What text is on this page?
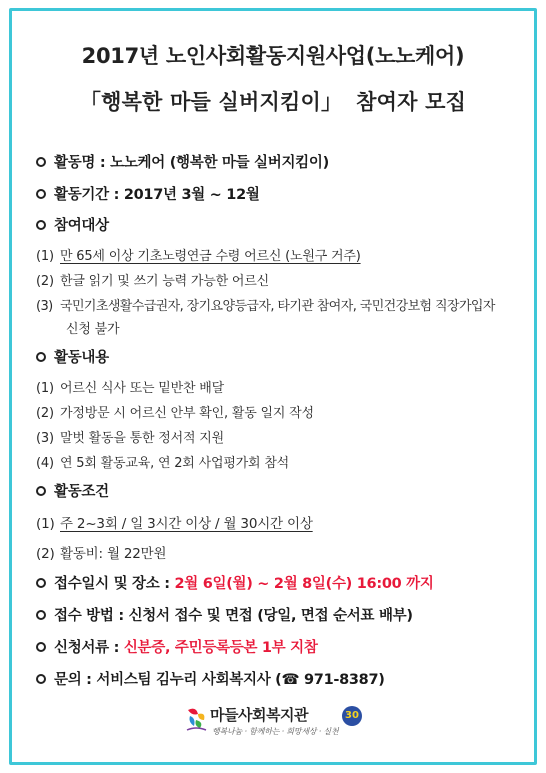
2017년 노인사회활동지원사업(노노케어)
「행복한 마들 실버지킴이」 참여자 모집
활동명 : 노노케어 (행복한 마들 실버지킴이)
활동기간 : 2017년 3월 ~ 12월
참여대상
(1) 만 65세 이상 기초노령연금 수령 어르신 (노원구 거주)
(2) 한글 읽기 및 쓰기 능력 가능한 어르신
(3) 국민기초생활수급권자, 장기요양등급자, 타기관 참여자, 국민건강보험 직장가입자
신청 불가
활동내용
(1) 어르신 식사 또는 밑반찬 배달
(2) 가정방문 시 어르신 안부 확인, 활동 일지 작성
(3) 말벗 활동을 통한 정서적 지원
(4) 연 5회 활동교육, 연 2회 사업평가회 참석
활동조건
(1) 주 2~3회 / 일 3시간 이상 / 월 30시간 이상
(2) 활동비: 월 22만원
접수일시 및 장소 : 2월 6일(월) ~ 2월 8일(수) 16:00 까지
접수 방법 : 신청서 접수 및 면접 (당일, 면접 순서표 배부)
신청서류 : 신분증, 주민등록등본 1부 지참
문의 : 서비스팀 김누리 사회복지사 (☎ 971-8387)
마들사회복지관
행복나눔 · 함께하는 · 희망세상 · 실천
30
